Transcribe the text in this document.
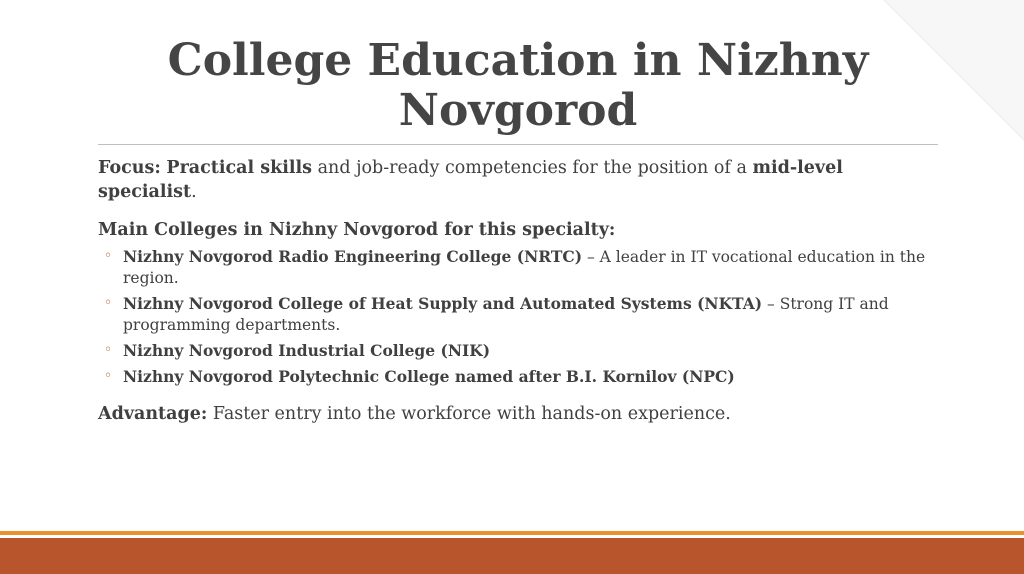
College Education in Nizhny Novgorod

Focus: Practical skills and job-ready competencies for the position of a mid-level specialist.

Main Colleges in Nizhny Novgorod for this specialty:
◦ Nizhny Novgorod Radio Engineering College (NRTC) – A leader in IT vocational education in the region.
◦ Nizhny Novgorod College of Heat Supply and Automated Systems (NKTA) – Strong IT and programming departments.
◦ Nizhny Novgorod Industrial College (NIK)
◦ Nizhny Novgorod Polytechnic College named after B.I. Kornilov (NPC)

Advantage: Faster entry into the workforce with hands-on experience.
